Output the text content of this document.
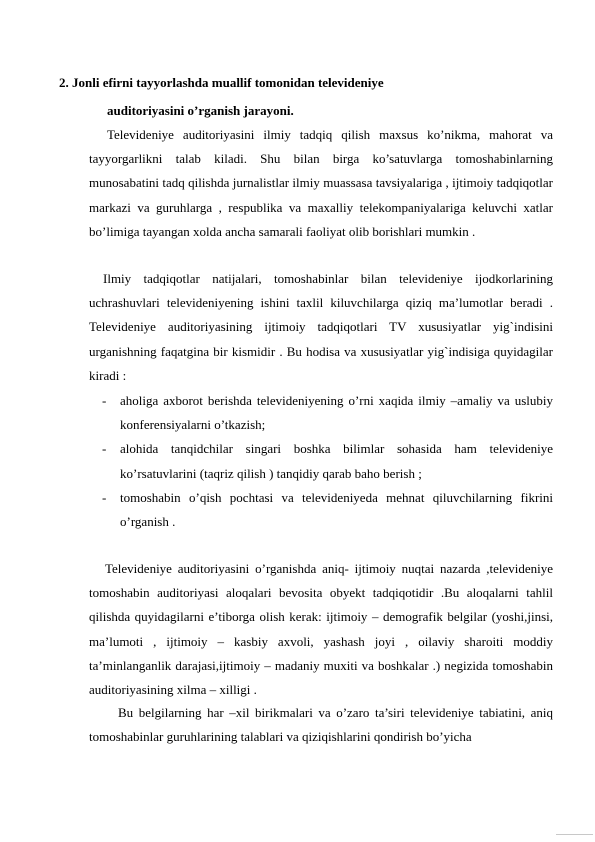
2. Jonli efirni tayyorlashda muallif tomonidan televideniye
auditoriyasini o’rganish jarayoni.
Televideniye auditoriyasini ilmiy tadqiq qilish maxsus ko’nikma, mahorat va tayyorgarlikni talab kiladi. Shu bilan birga ko’satuvlarga tomoshabinlarning munosabatini tadq qilishda jurnalistlar ilmiy muassasa tavsiyalariga , ijtimoiy tadqiqotlar markazi va guruhlarga , respublika va maxalliy telekompaniyalariga keluvchi xatlar bo’limiga tayangan xolda ancha samarali faoliyat olib borishlari mumkin .
Ilmiy tadqiqotlar natijalari, tomoshabinlar bilan televideniye ijodkorlarining uchrashuvlari televideniyening ishini taxlil kiluvchilarga qiziq ma’lumotlar beradi . Televideniye auditoriyasining ijtimoiy tadqiqotlari TV xususiyatlar yig`indisini urganishning faqatgina bir kismidir . Bu hodisa va xususiyatlar yig`indisiga quyidagilar kiradi :
- aholiga axborot berishda televideniyening o’rni xaqida ilmiy –amaliy va uslubiy konferensiyalarni o’tkazish;
- alohida tanqidchilar singari boshka bilimlar sohasida ham televideniye ko’rsatuvlarini (taqriz qilish ) tanqidiy qarab baho berish ;
- tomoshabin o’qish pochtasi va televideniyeda mehnat qiluvchilarning fikrini o’rganish .
Televideniye auditoriyasini o’rganishda aniq- ijtimoiy nuqtai nazarda ,televideniye tomoshabin auditoriyasi aloqalari bevosita obyekt tadqiqotidir .Bu aloqalarni tahlil qilishda quyidagilarni e’tiborga olish kerak: ijtimoiy – demografik belgilar (yoshi,jinsi, ma’lumoti , ijtimoiy – kasbiy axvoli, yashash joyi , oilaviy sharoiti moddiy ta’minlanganlik darajasi,ijtimoiy – madaniy muxiti va boshkalar .) negizida tomoshabin auditoriyasining xilma – xilligi .
Bu belgilarning har –xil birikmalari va o’zaro ta’siri televideniye tabiatini, aniq tomoshabinlar guruhlarining talablari va qiziqishlarini qondirish bo’yicha
